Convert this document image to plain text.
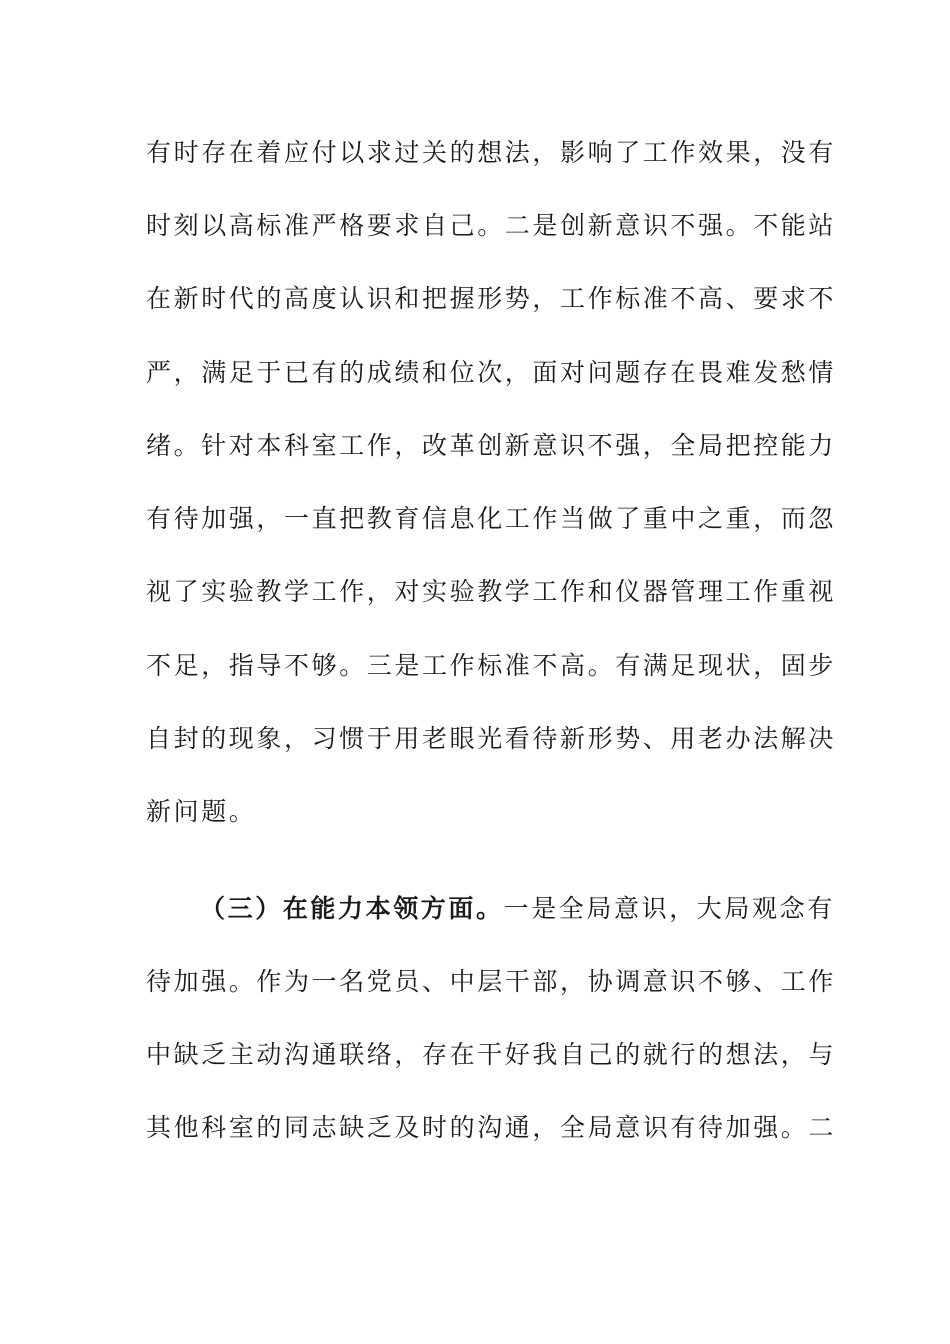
有时存在着应付以求过关的想法，影响了工作效果，没有
时刻以高标准严格要求自己。二是创新意识不强。不能站
在新时代的高度认识和把握形势，工作标准不高、要求不
严，满足于已有的成绩和位次，面对问题存在畏难发愁情
绪。针对本科室工作，改革创新意识不强，全局把控能力
有待加强，一直把教育信息化工作当做了重中之重，而忽
视了实验教学工作，对实验教学工作和仪器管理工作重视
不足，指导不够。三是工作标准不高。有满足现状，固步
自封的现象，习惯于用老眼光看待新形势、用老办法解决
新问题。
（三）在能力本领方面。一是全局意识，大局观念有
待加强。作为一名党员、中层干部，协调意识不够、工作
中缺乏主动沟通联络，存在干好我自己的就行的想法，与
其他科室的同志缺乏及时的沟通，全局意识有待加强。二
